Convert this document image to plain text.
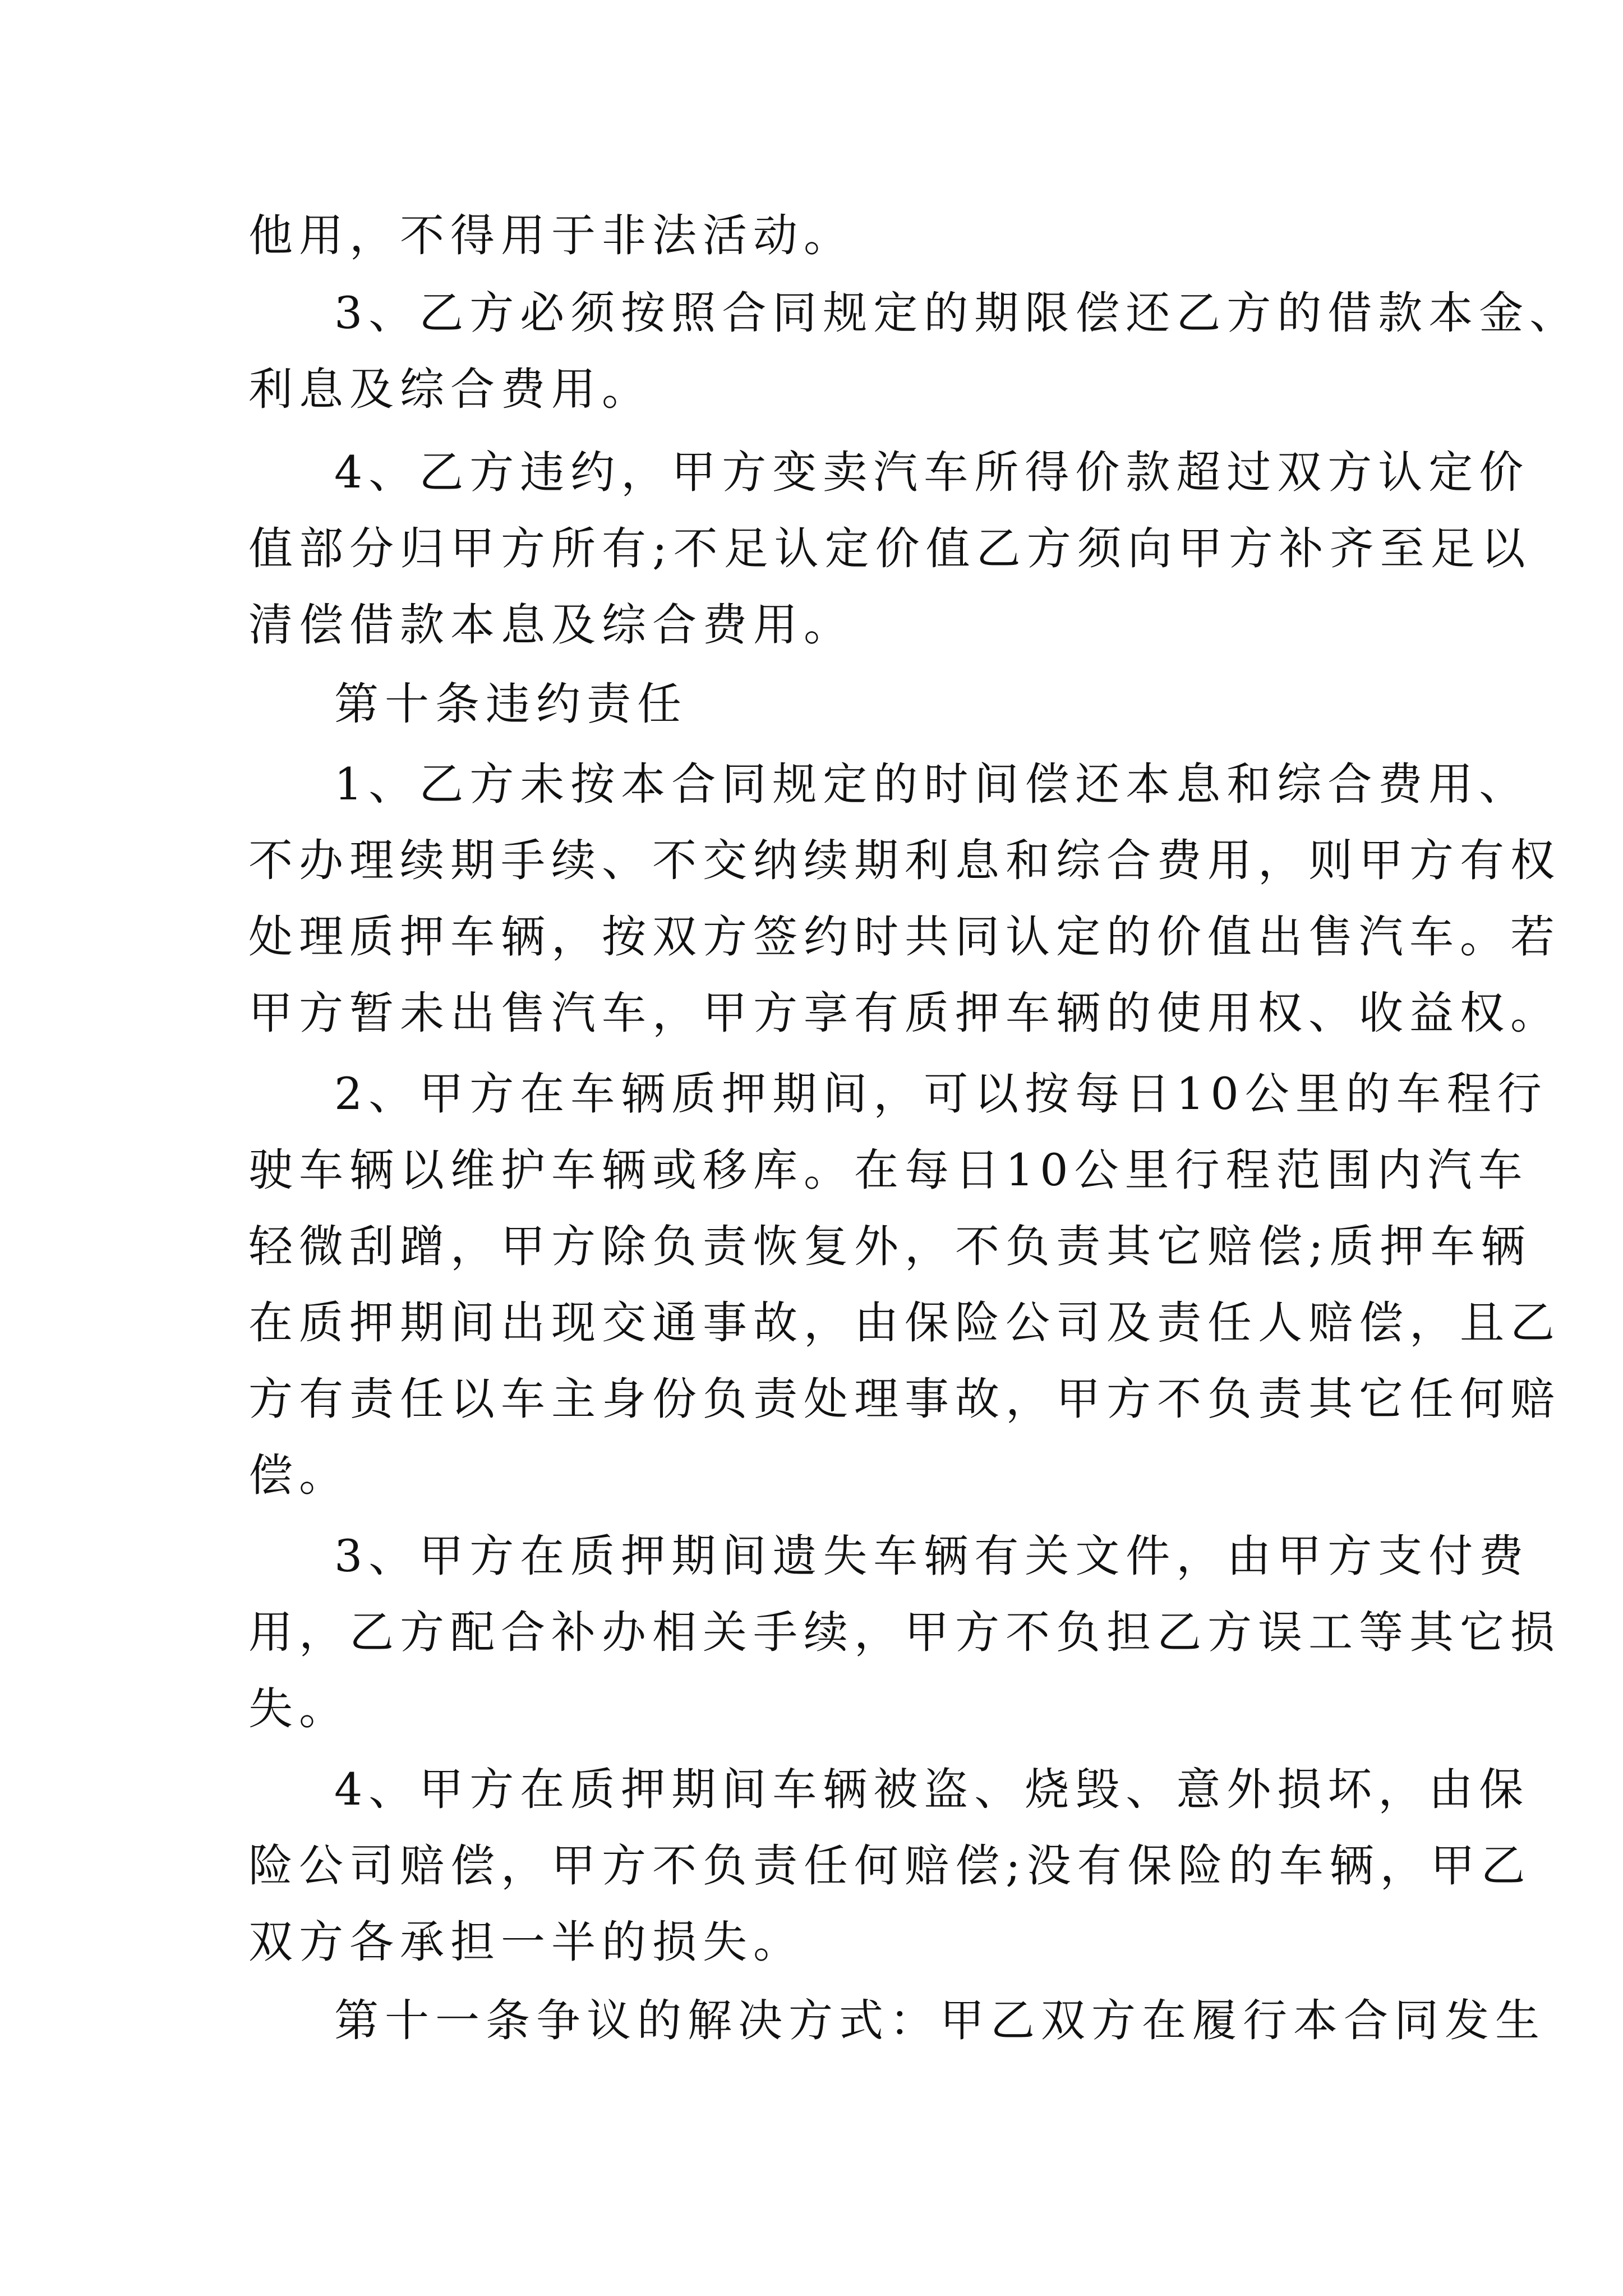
他用，不得用于非法活动。
3、乙方必须按照合同规定的期限偿还乙方的借款本金、
利息及综合费用。
4、乙方违约，甲方变卖汽车所得价款超过双方认定价
值部分归甲方所有;不足认定价值乙方须向甲方补齐至足以
清偿借款本息及综合费用。
第十条违约责任
1、乙方未按本合同规定的时间偿还本息和综合费用、
不办理续期手续、不交纳续期利息和综合费用，则甲方有权
处理质押车辆，按双方签约时共同认定的价值出售汽车。若
甲方暂未出售汽车，甲方享有质押车辆的使用权、收益权。
2、甲方在车辆质押期间，可以按每日10公里的车程行
驶车辆以维护车辆或移库。在每日10公里行程范围内汽车
轻微刮蹭，甲方除负责恢复外，不负责其它赔偿;质押车辆
在质押期间出现交通事故，由保险公司及责任人赔偿，且乙
方有责任以车主身份负责处理事故，甲方不负责其它任何赔
偿。
3、甲方在质押期间遗失车辆有关文件，由甲方支付费
用，乙方配合补办相关手续，甲方不负担乙方误工等其它损
失。
4、甲方在质押期间车辆被盗、烧毁、意外损坏，由保
险公司赔偿，甲方不负责任何赔偿;没有保险的车辆，甲乙
双方各承担一半的损失。
第十一条争议的解决方式：甲乙双方在履行本合同发生
